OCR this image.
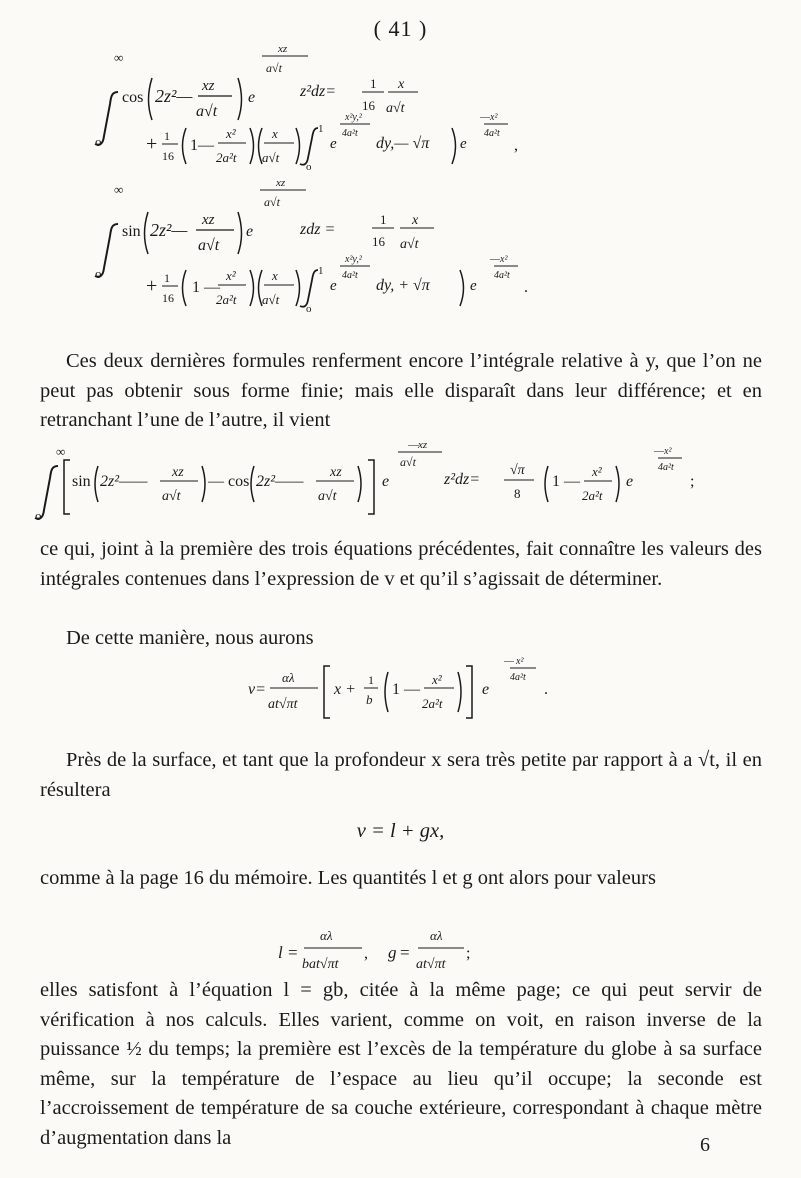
( 41 )
∞
o
cos 2z²— xz
a√t
e
xz
a√t
z²dz=	1
16
x
a√t
+ 1
16
1—
x²
2a²t
x
a√t
1
o
e
x²y,²
4a²t
dy,— √π e
— x²
4a²t
,
∞
o
sin 2z²— xz
a√t
e
xz
a√t
zdz =
1
16
x
a√t
+ 1
16
1 —
x²
2a²t
x
a√t
1
o
e
x²y,²
4a²t
dy, + √π	e
— x²
4a²t
.

Ces deux dernières formules renferment encore l’intégrale relative à y, que l’on ne peut pas obtenir sous forme finie; mais elle disparaît dans leur différence; et en retranchant l’une de l’autre, il vient

∞
o
sin 2z²——
xz
a√t
— cos 2z²——
xz
a√t
e
— xz
a√t
z²dz=
√π
8
1 —
x²
2a²t
e
— x²
4a²t
;

ce qui, joint à la première des trois équations précédentes, fait connaître les valeurs des intégrales contenues dans l’expression de v et qu’il s’agissait de déterminer.

De cette manière, nous aurons

v=
αλ
at√πt
x +
1
b
1 —
x²
2a²t
e
— x²
4a²t
.

Près de la surface, et tant que la profondeur x sera très petite par rapport à a √t, il en résultera

v = l + gx,

comme à la page 16 du mémoire. Les quantités l et g ont alors pour valeurs

l =
αλ
bat√πt
, g =
αλ
at√πt
;

elles satisfont à l’équation l = gb, citée à la même page; ce qui peut servir de vérification à nos calculs. Elles varient, comme on voit, en raison inverse de la puissance ½ du temps; la première est l’excès de la température du globe à sa surface même, sur la température de l’espace au lieu qu’il occupe; la seconde est l’accroissement de température de sa couche extérieure, correspondant à chaque mètre d’augmentation dans la	6
